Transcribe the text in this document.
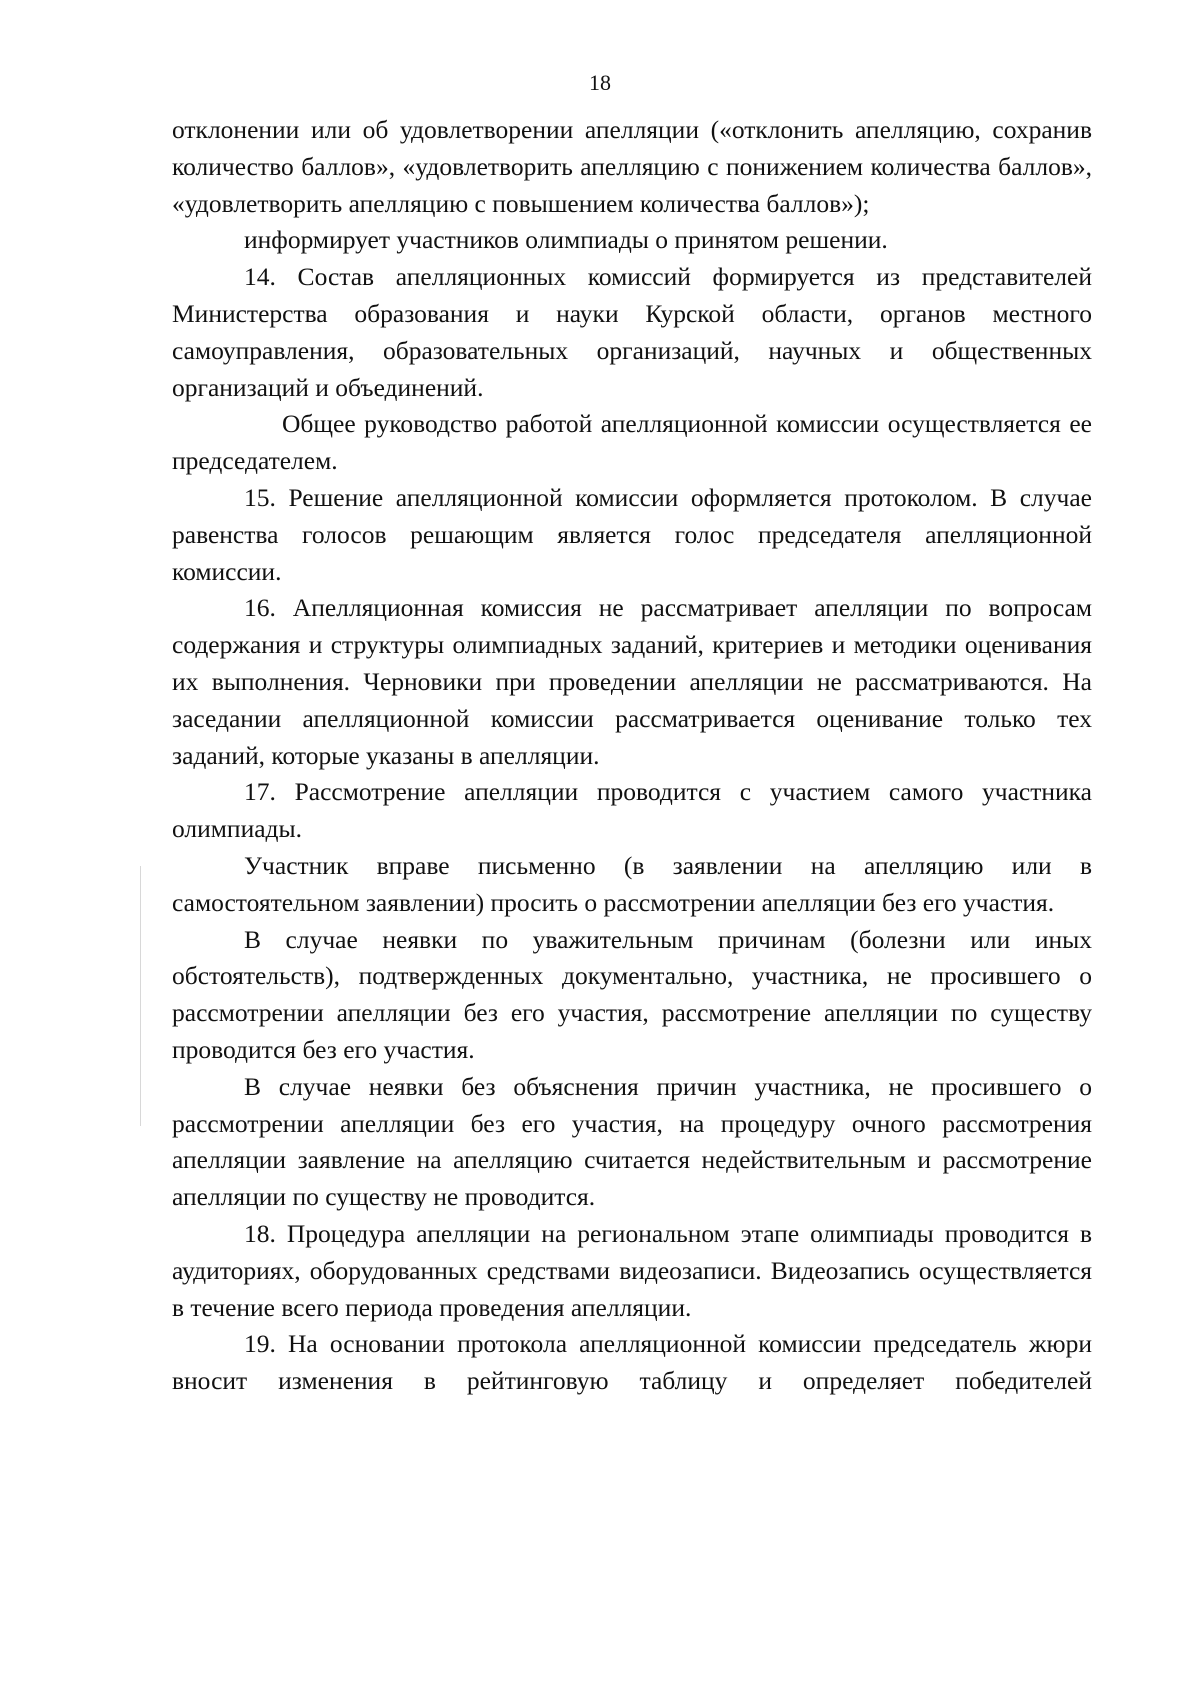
18

отклонении или об удовлетворении апелляции («отклонить апелляцию, сохранив количество баллов», «удовлетворить апелляцию с понижением количества баллов», «удовлетворить апелляцию с повышением количества баллов»);

информирует участников олимпиады о принятом решении.

14. Состав апелляционных комиссий формируется из представителей Министерства образования и науки Курской области, органов местного самоуправления, образовательных организаций, научных и общественных организаций и объединений.

Общее руководство работой апелляционной комиссии осуществляется ее председателем.

15. Решение апелляционной комиссии оформляется протоколом. В случае равенства голосов решающим является голос председателя апелляционной комиссии.

16. Апелляционная комиссия не рассматривает апелляции по вопросам содержания и структуры олимпиадных заданий, критериев и методики оценивания их выполнения. Черновики при проведении апелляции не рассматриваются. На заседании апелляционной комиссии рассматривается оценивание только тех заданий, которые указаны в апелляции.

17. Рассмотрение апелляции проводится с участием самого участника олимпиады.

Участник вправе письменно (в заявлении на апелляцию или в самостоятельном заявлении) просить о рассмотрении апелляции без его участия.

В случае неявки по уважительным причинам (болезни или иных обстоятельств), подтвержденных документально, участника, не просившего о рассмотрении апелляции без его участия, рассмотрение апелляции по существу проводится без его участия.

В случае неявки без объяснения причин участника, не просившего о рассмотрении апелляции без его участия, на процедуру очного рассмотрения апелляции заявление на апелляцию считается недействительным и рассмотрение апелляции по существу не проводится.

18. Процедура апелляции на региональном этапе олимпиады проводится в аудиториях, оборудованных средствами видеозаписи. Видеозапись осуществляется в течение всего периода проведения апелляции.

19. На основании протокола апелляционной комиссии председатель жюри вносит изменения в рейтинговую таблицу и определяет победителей
